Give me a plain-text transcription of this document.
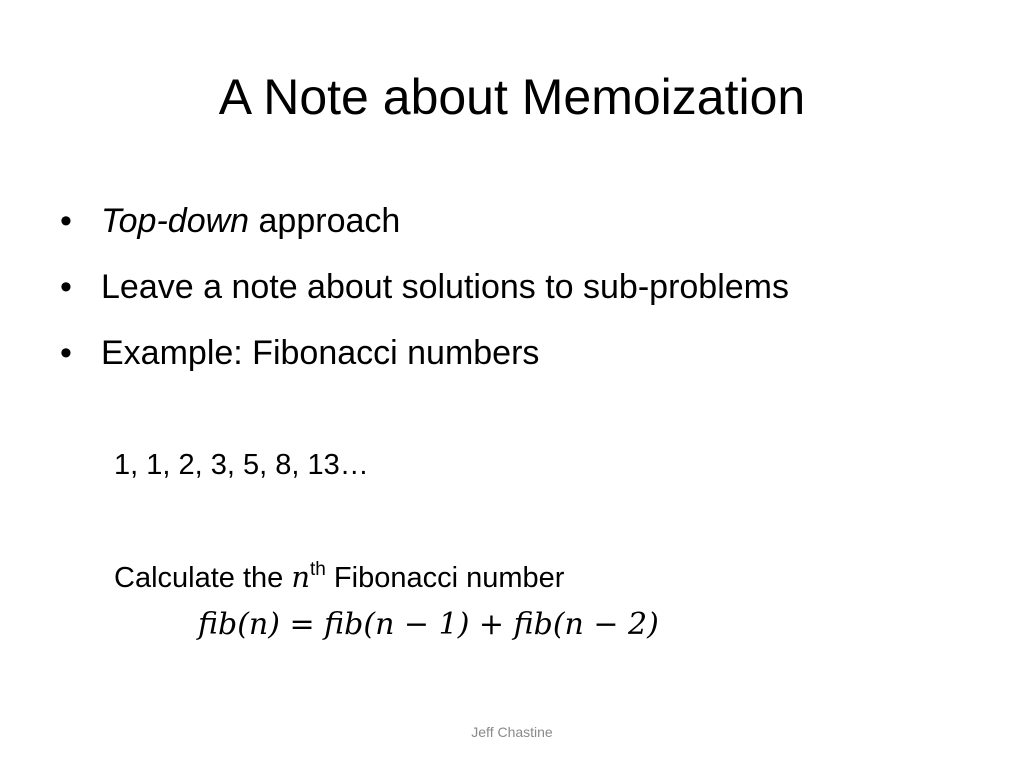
A Note about Memoization
• Top-down approach
• Leave a note about solutions to sub-problems
• Example: Fibonacci numbers
1, 1, 2, 3, 5, 8, 13…
Calculate the $n^{th}$ Fibonacci number
fib(n) = fib(n − 1) + fib(n − 2)
Jeff Chastine
